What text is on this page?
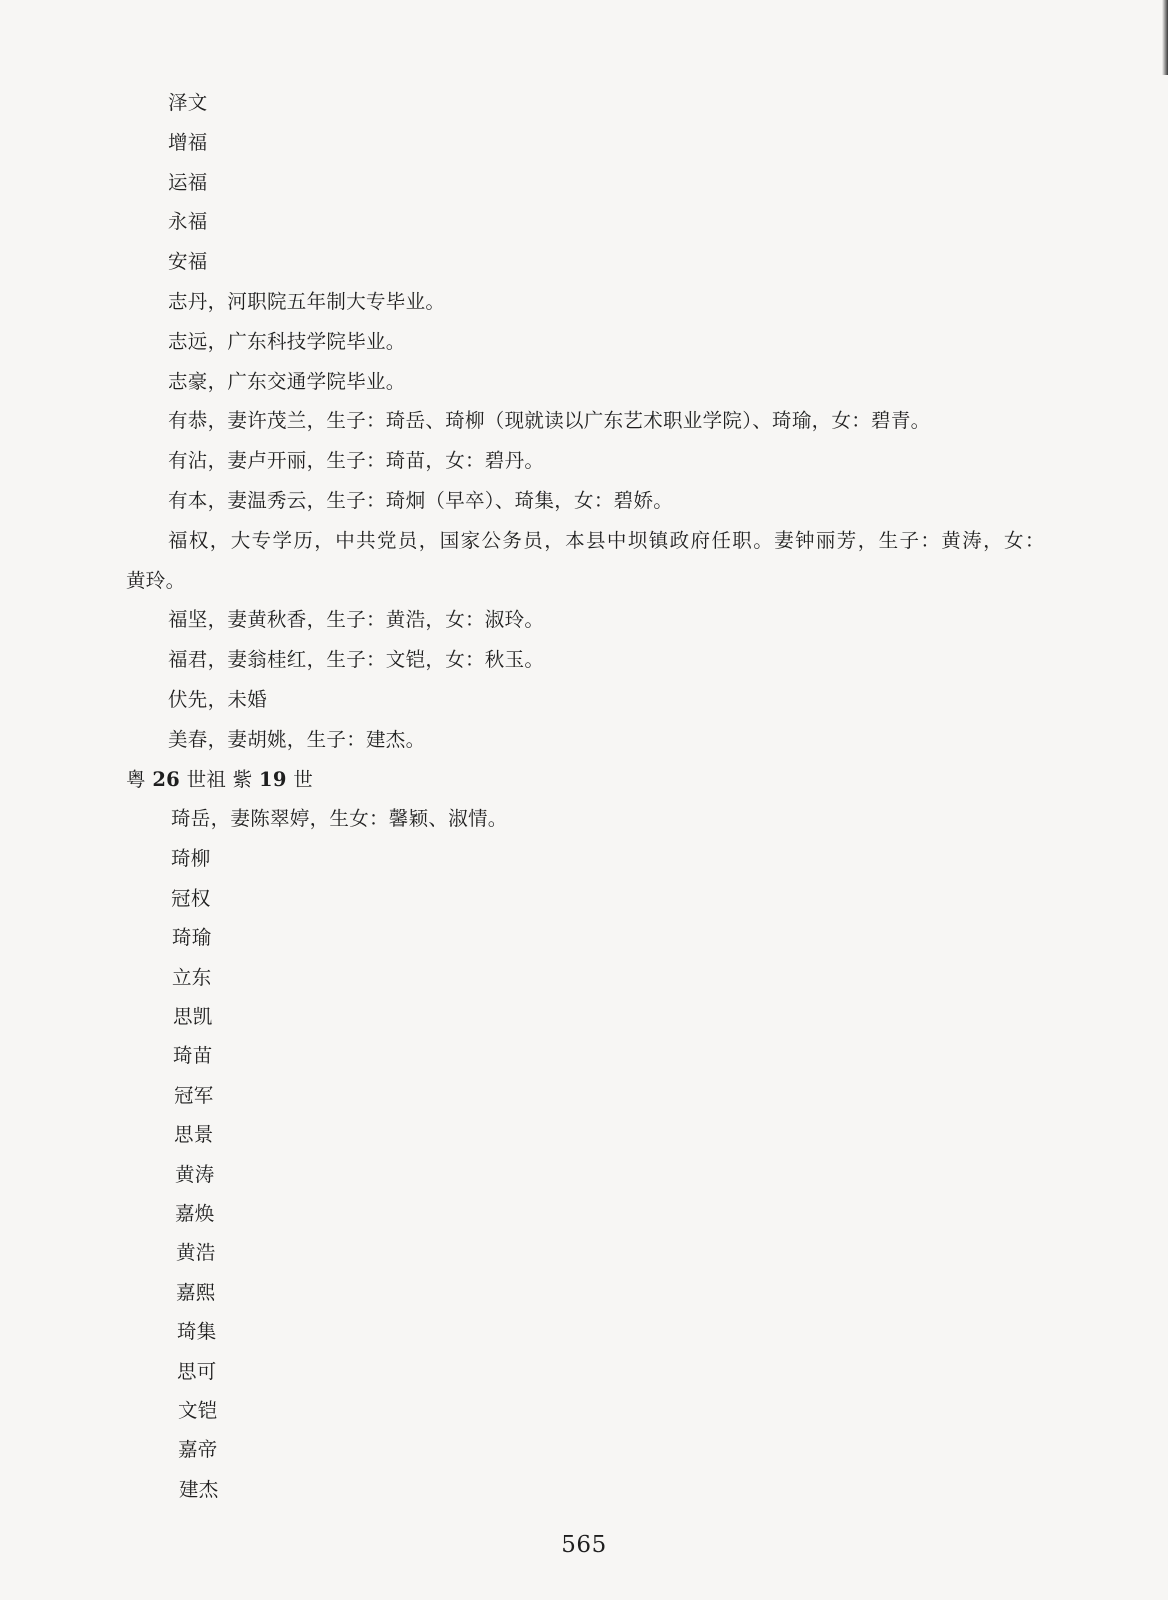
泽文
增福
运福
永福
安福
志丹，河职院五年制大专毕业。
志远，广东科技学院毕业。
志豪，广东交通学院毕业。
有恭，妻许茂兰，生子：琦岳、琦柳（现就读以广东艺术职业学院）、琦瑜，女：碧青。
有沾，妻卢开丽，生子：琦苗，女：碧丹。
有本，妻温秀云，生子：琦炯（早卒）、琦集，女：碧娇。
福权，大专学历，中共党员，国家公务员，本县中坝镇政府任职。妻钟丽芳，生子：黄涛，女：
黄玲。
福坚，妻黄秋香，生子：黄浩，女：淑玲。
福君，妻翁桂红，生子：文铠，女：秋玉。
伏先，未婚
美春，妻胡姚，生子：建杰。
粤 26 世祖 紫 19 世
琦岳，妻陈翠婷，生女：馨颖、淑情。
琦柳
冠权
琦瑜
立东
思凯
琦苗
冠军
思景
黄涛
嘉焕
黄浩
嘉熙
琦集
思可
文铠
嘉帝
建杰
565
